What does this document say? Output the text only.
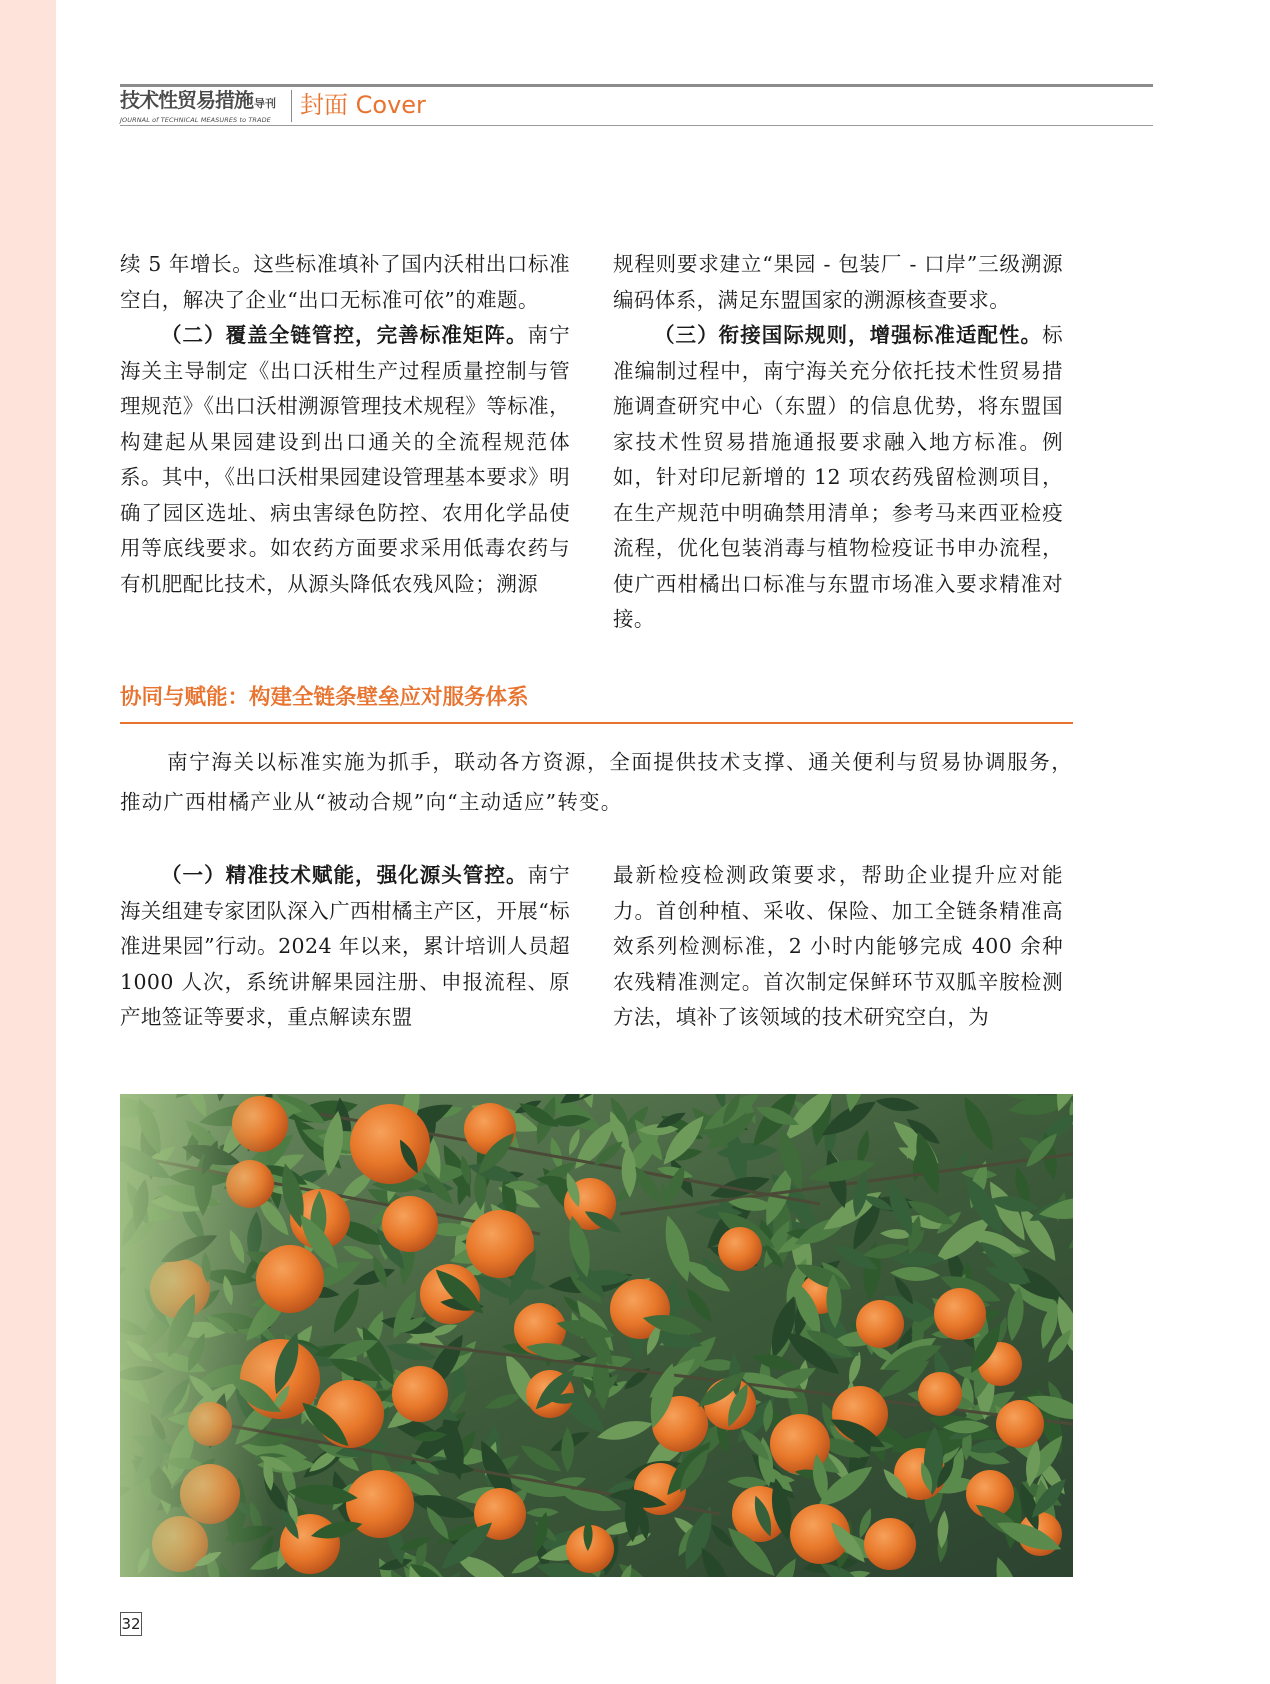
技术性贸易措施导刊
JOURNAL of TECHNICAL MEASURES to TRADE
封面 Cover

续 5 年增长。这些标准填补了国内沃柑出口标准空白，解决了企业“出口无标准可依”的难题。

（二）覆盖全链管控，完善标准矩阵。南宁海关主导制定《出口沃柑生产过程质量控制与管理规范》《出口沃柑溯源管理技术规程》等标准，构建起从果园建设到出口通关的全流程规范体系。其中，《出口沃柑果园建设管理基本要求》明确了园区选址、病虫害绿色防控、农用化学品使用等底线要求。如农药方面要求采用低毒农药与有机肥配比技术，从源头降低农残风险；溯源

规程则要求建立“果园 - 包装厂 - 口岸”三级溯源编码体系，满足东盟国家的溯源核查要求。

（三）衔接国际规则，增强标准适配性。标准编制过程中，南宁海关充分依托技术性贸易措施调查研究中心（东盟）的信息优势，将东盟国家技术性贸易措施通报要求融入地方标准。例如，针对印尼新增的 12 项农药残留检测项目，在生产规范中明确禁用清单；参考马来西亚检疫流程，优化包装消毒与植物检疫证书申办流程，使广西柑橘出口标准与东盟市场准入要求精准对接。

协同与赋能：构建全链条壁垒应对服务体系
南宁海关以标准实施为抓手，联动各方资源，全面提供技术支撑、通关便利与贸易协调服务，推动广西柑橘产业从“被动合规”向“主动适应”转变。

（一）精准技术赋能，强化源头管控。南宁海关组建专家团队深入广西柑橘主产区，开展“标准进果园”行动。2024 年以来，累计培训人员超 1000 人次，系统讲解果园注册、申报流程、原产地签证等要求，重点解读东盟

最新检疫检测政策要求，帮助企业提升应对能力。首创种植、采收、保险、加工全链条精准高效系列检测标准，2 小时内能够完成 400 余种农残精准测定。首次制定保鲜环节双胍辛胺检测方法，填补了该领域的技术研究空白，为

32
